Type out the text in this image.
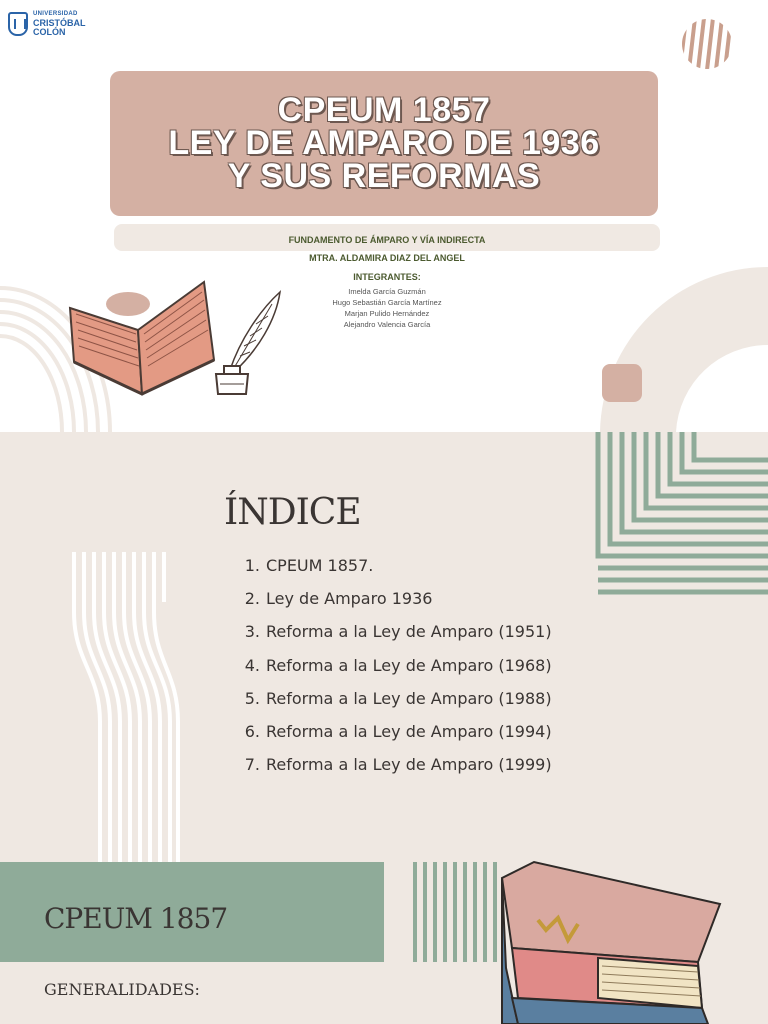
UNIVERSIDAD
CRISTÓBAL
COLÓN
CPEUM 1857
LEY DE AMPARO DE 1936
Y SUS REFORMAS
FUNDAMENTO DE ÁMPARO Y VÍA INDIRECTA
MTRA. ALDAMIRA DIAZ DEL ANGEL
INTEGRANTES:
Imelda García Guzmán
Hugo Sebastián García Martínez
Marjan Pulido Hernández
Alejandro Valencia García
ÍNDICE
1. CPEUM 1857.
2. Ley de Amparo 1936
3. Reforma a la Ley de Amparo (1951)
4. Reforma a la Ley de Amparo (1968)
5. Reforma a la Ley de Amparo (1988)
6. Reforma a la Ley de Amparo (1994)
7. Reforma a la Ley de Amparo (1999)
CPEUM 1857
GENERALIDADES:
